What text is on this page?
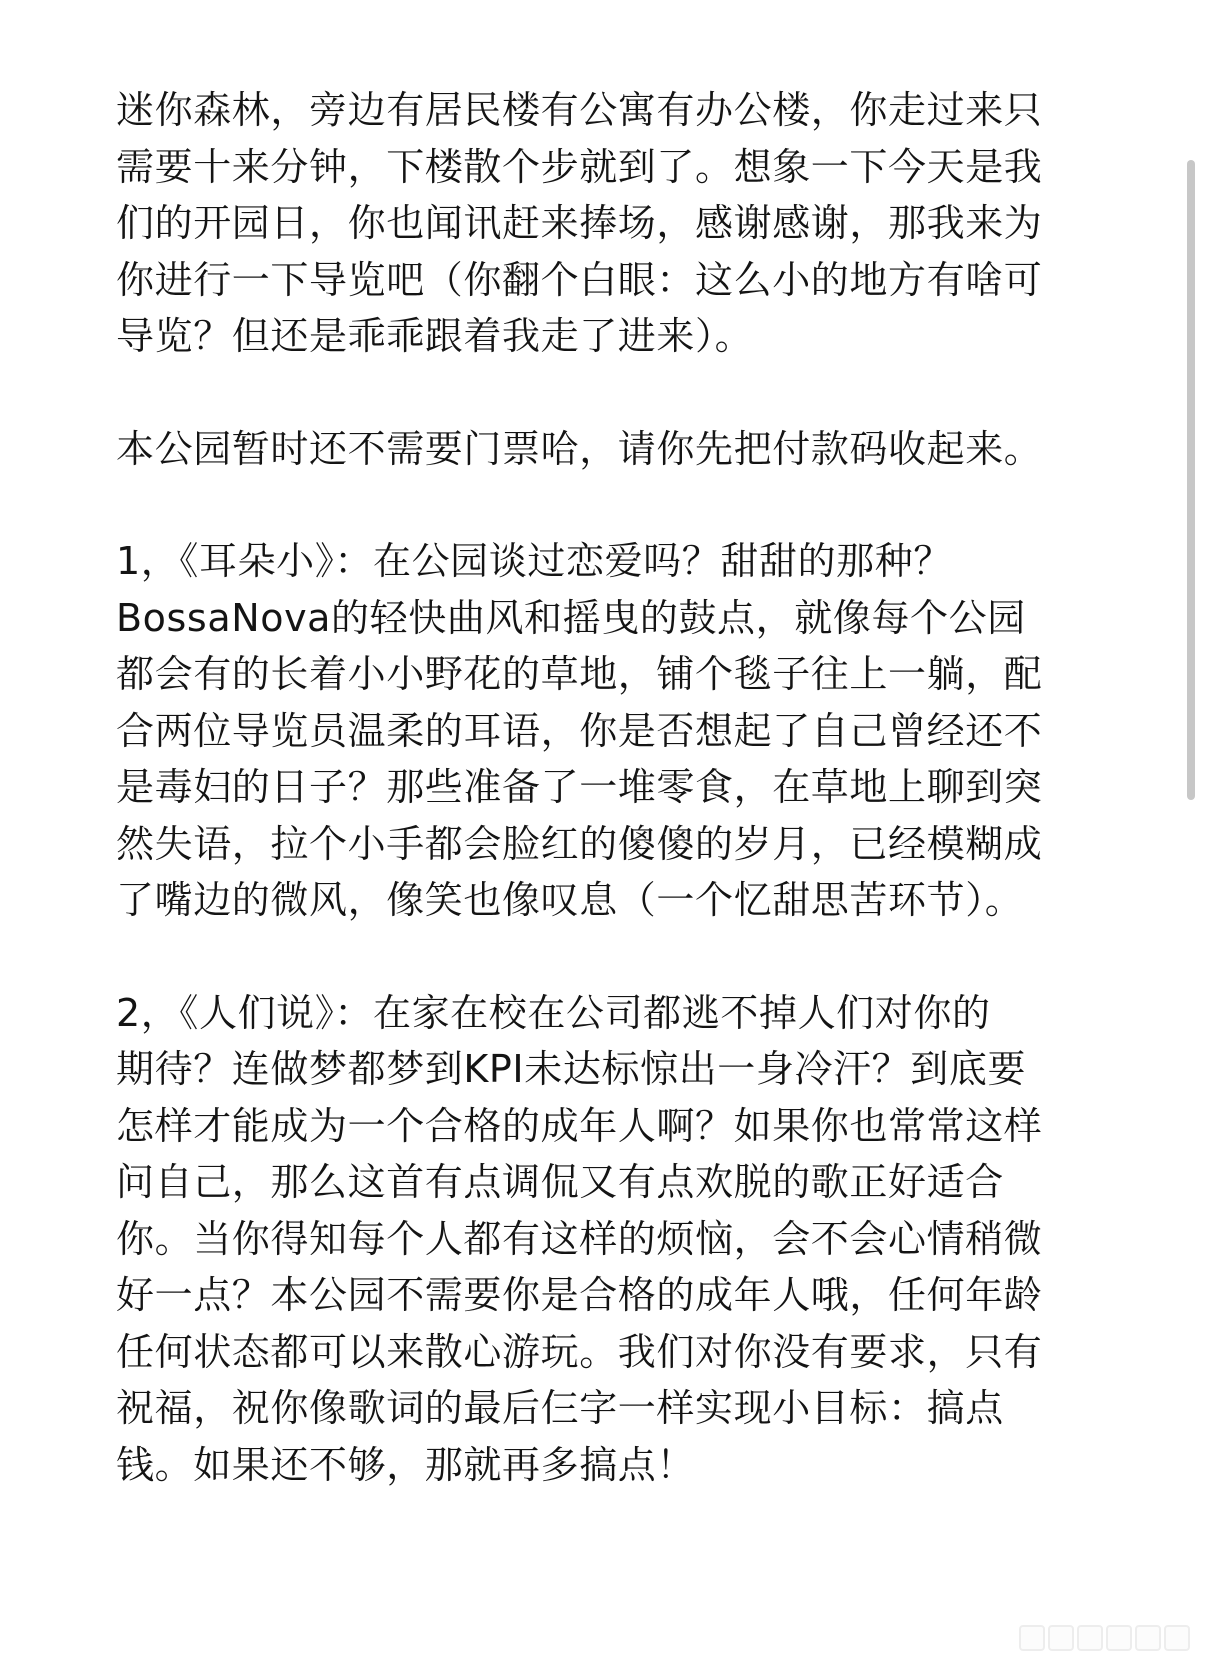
迷你森林，旁边有居民楼有公寓有办公楼，你走过来只
需要十来分钟，下楼散个步就到了。想象一下今天是我
们的开园日，你也闻讯赶来捧场，感谢感谢，那我来为
你进行一下导览吧（你翻个白眼：这么小的地方有啥可
导览？但还是乖乖跟着我走了进来）。
本公园暂时还不需要门票哈，请你先把付款码收起来。
1，《耳朵小》：在公园谈过恋爱吗？甜甜的那种？
BossaNova的轻快曲风和摇曳的鼓点，就像每个公园
都会有的长着小小野花的草地，铺个毯子往上一躺，配
合两位导览员温柔的耳语，你是否想起了自己曾经还不
是毒妇的日子？那些准备了一堆零食，在草地上聊到突
然失语，拉个小手都会脸红的傻傻的岁月，已经模糊成
了嘴边的微风，像笑也像叹息（一个忆甜思苦环节）。
2，《人们说》：在家在校在公司都逃不掉人们对你的
期待？连做梦都梦到KPI未达标惊出一身冷汗？到底要
怎样才能成为一个合格的成年人啊？如果你也常常这样
问自己，那么这首有点调侃又有点欢脱的歌正好适合
你。当你得知每个人都有这样的烦恼，会不会心情稍微
好一点？本公园不需要你是合格的成年人哦，任何年龄
任何状态都可以来散心游玩。我们对你没有要求，只有
祝福，祝你像歌词的最后仨字一样实现小目标：搞点
钱。如果还不够，那就再多搞点！
